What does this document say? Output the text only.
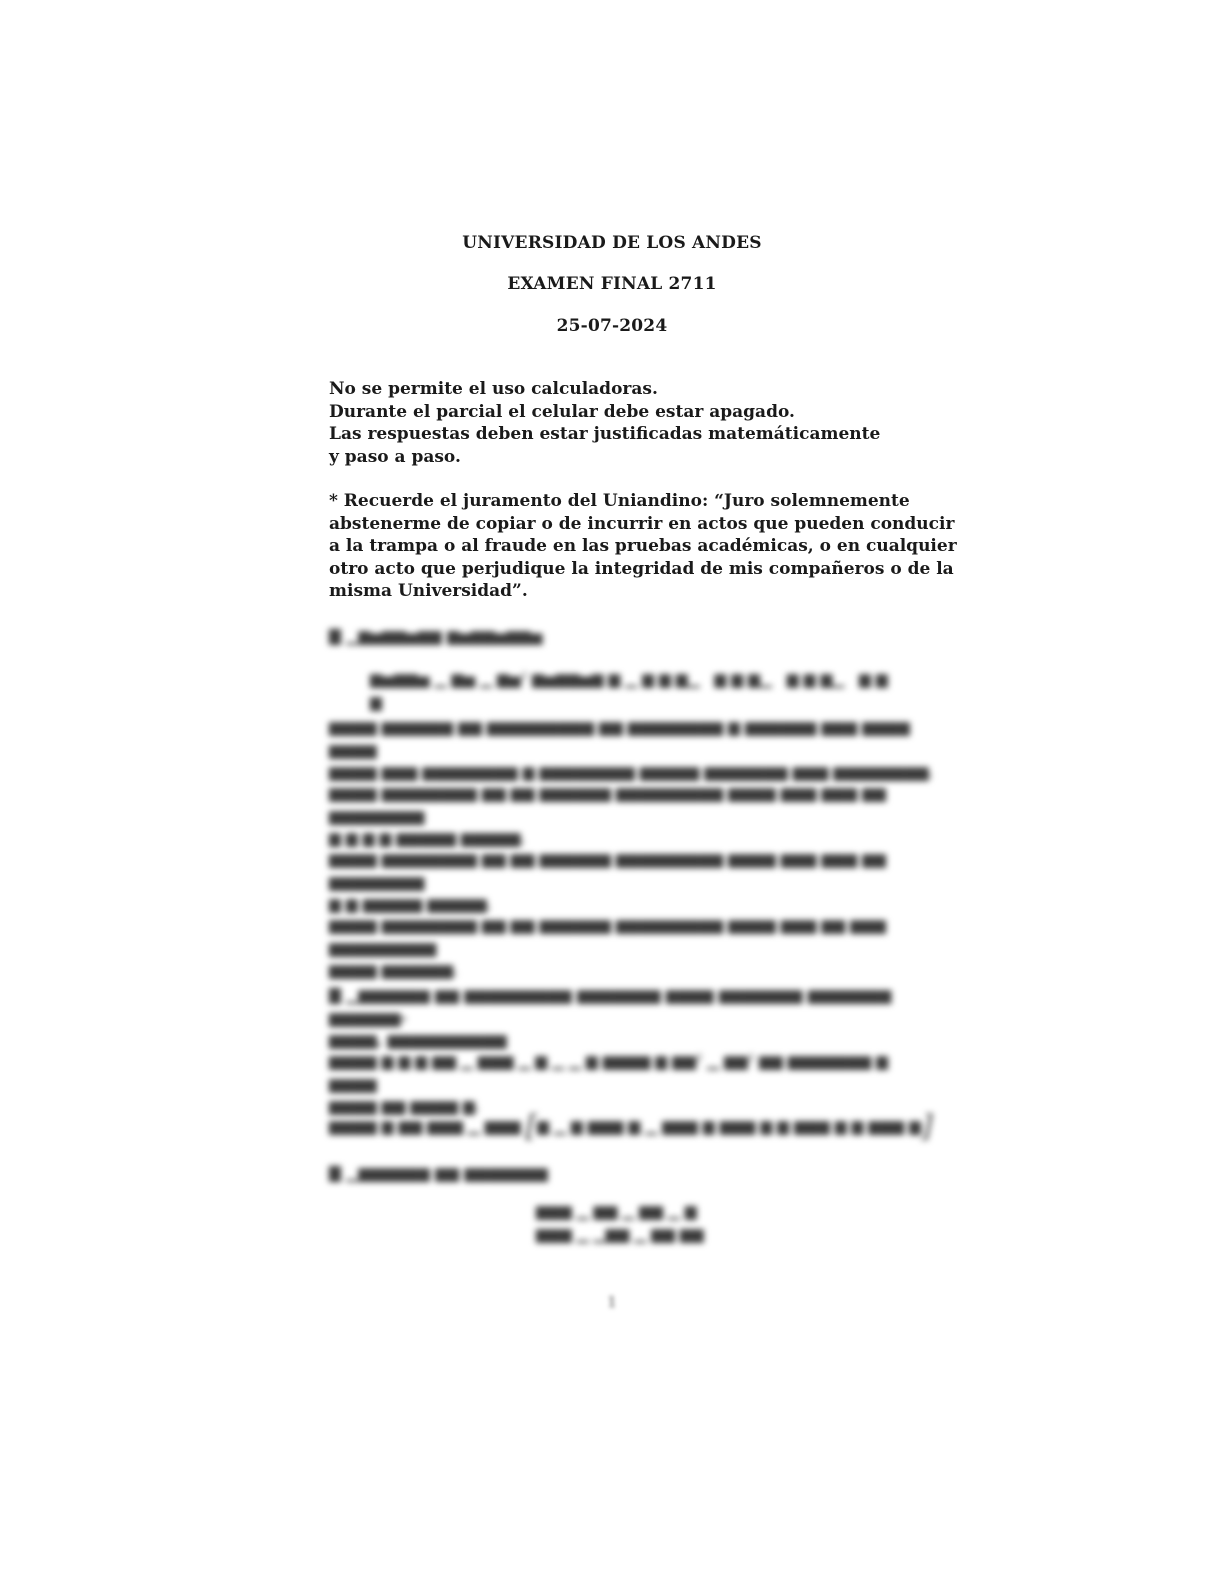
UNIVERSIDAD DE LOS ANDES
EXAMEN FINAL 2711
25-07-2024
No se permite el uso calculadoras.
Durante el parcial el celular debe estar apagado.
Las respuestas deben estar justificadas matemáticamente
y paso a paso.
* Recuerde el juramento del Uniandino: “Juro solemnemente
abstenerme de copiar o de incurrir en actos que pueden conducir
a la trampa o al fraude en las pruebas académicas, o en cualquier
otro acto que perjudique la integridad de mis compañeros o de la
misma Universidad”.
▇ ▁▆▅▆▆▅▆▆ ▆▅▆▆▅▆▆▅
▆▅▆▆▅ ▁ ▆▅ ▁ ▆▅² ▆▅▆▆▅▆ ▆ ▁ ▆ ▆ ▆▁   ▆ ▆ ▆▁   ▆ ▆ ▆▁   ▆ ▆ ▆
▆▆▆▆ ▆▆▆▆▆▆ ▆▆ ▆▆▆▆▆▆▆▆▆ ▆▆ ▆▆▆▆▆▆▆▆ ▆ ▆▆▆▆▆▆ ▆▆▆ ▆▆▆▆ ▆▆▆▆
▆▆▆▆ ▆▆▆ ▆▆▆▆▆▆▆▆ ▆ ▆▆▆▆▆▆▆▆ ▆▆▆▆▆ ▆▆▆▆▆▆▆ ▆▆▆ ▆▆▆▆▆▆▆▆.
▆▆▆▆ ▆▆▆▆▆▆▆▆ ▆▆ ▆▆ ▆▆▆▆▆▆ ▆▆▆▆▆▆▆▆▆ ▆▆▆▆ ▆▆▆ ▆▆▆ ▆▆ ▆▆▆▆▆▆▆▆
▆ ▆ ▆ ▆ ▆▆▆▆▆ ▆▆▆▆▆.
▆▆▆▆ ▆▆▆▆▆▆▆▆ ▆▆ ▆▆ ▆▆▆▆▆▆ ▆▆▆▆▆▆▆▆▆ ▆▆▆▆ ▆▆▆ ▆▆▆ ▆▆ ▆▆▆▆▆▆▆▆
▆ ▆ ▆▆▆▆▆ ▆▆▆▆▆.
▆▆▆▆ ▆▆▆▆▆▆▆▆ ▆▆ ▆▆ ▆▆▆▆▆▆ ▆▆▆▆▆▆▆▆▆ ▆▆▆▆ ▆▆▆ ▆▆ ▆▆▆ ▆▆▆▆▆▆▆▆▆
▆▆▆▆ ▆▆▆▆▆▆.
▇ ▁▆▆▆▆▆▆ ▆▆ ▆▆▆▆▆▆▆▆▆ ▆▆▆▆▆▆▆ ▆▆▆▆ ▆▆▆▆▆▆▆ ▆▆▆▆▆▆▆ ▆▆▆▆▆▆-
▆▆▆▆, ▆▆▆▆▆▆▆▆▆▆
▆▆▆▆ ▆ ▆ ▆ ▆▆ ▁ ▆▆▆ ▁ ▆ ▁ ▁ ▆ ▆▆▆▆ ▆ ▆▆² ▁ ▆▆² ▆▆ ▆▆▆▆▆▆▆ ▆ ▆▆▆▆
▆▆▆▆ ▆▆ ▆▆▆▆ ▆.
▆▆▆▆ ▆ ▆▆ ▆▆▆ ▁ ▆▆▆ [▆ ▁ ▆ ▆▆▆ ▆ ▁ ▆▆▆ ▆ ▆▆▆ ▆ ▆ ▆▆▆ ▆ ▆ ▆▆▆ ▆]
▇ ▁▆▆▆▆▆▆ ▆▆ ▆▆▆▆▆▆▆
▆▆▆ ▁ ▆▆ ▁ ▆▆ ▁ ▆
▆▆▆ ▁ ▁▆▆ ▁ ▆▆ ▆▆
1
